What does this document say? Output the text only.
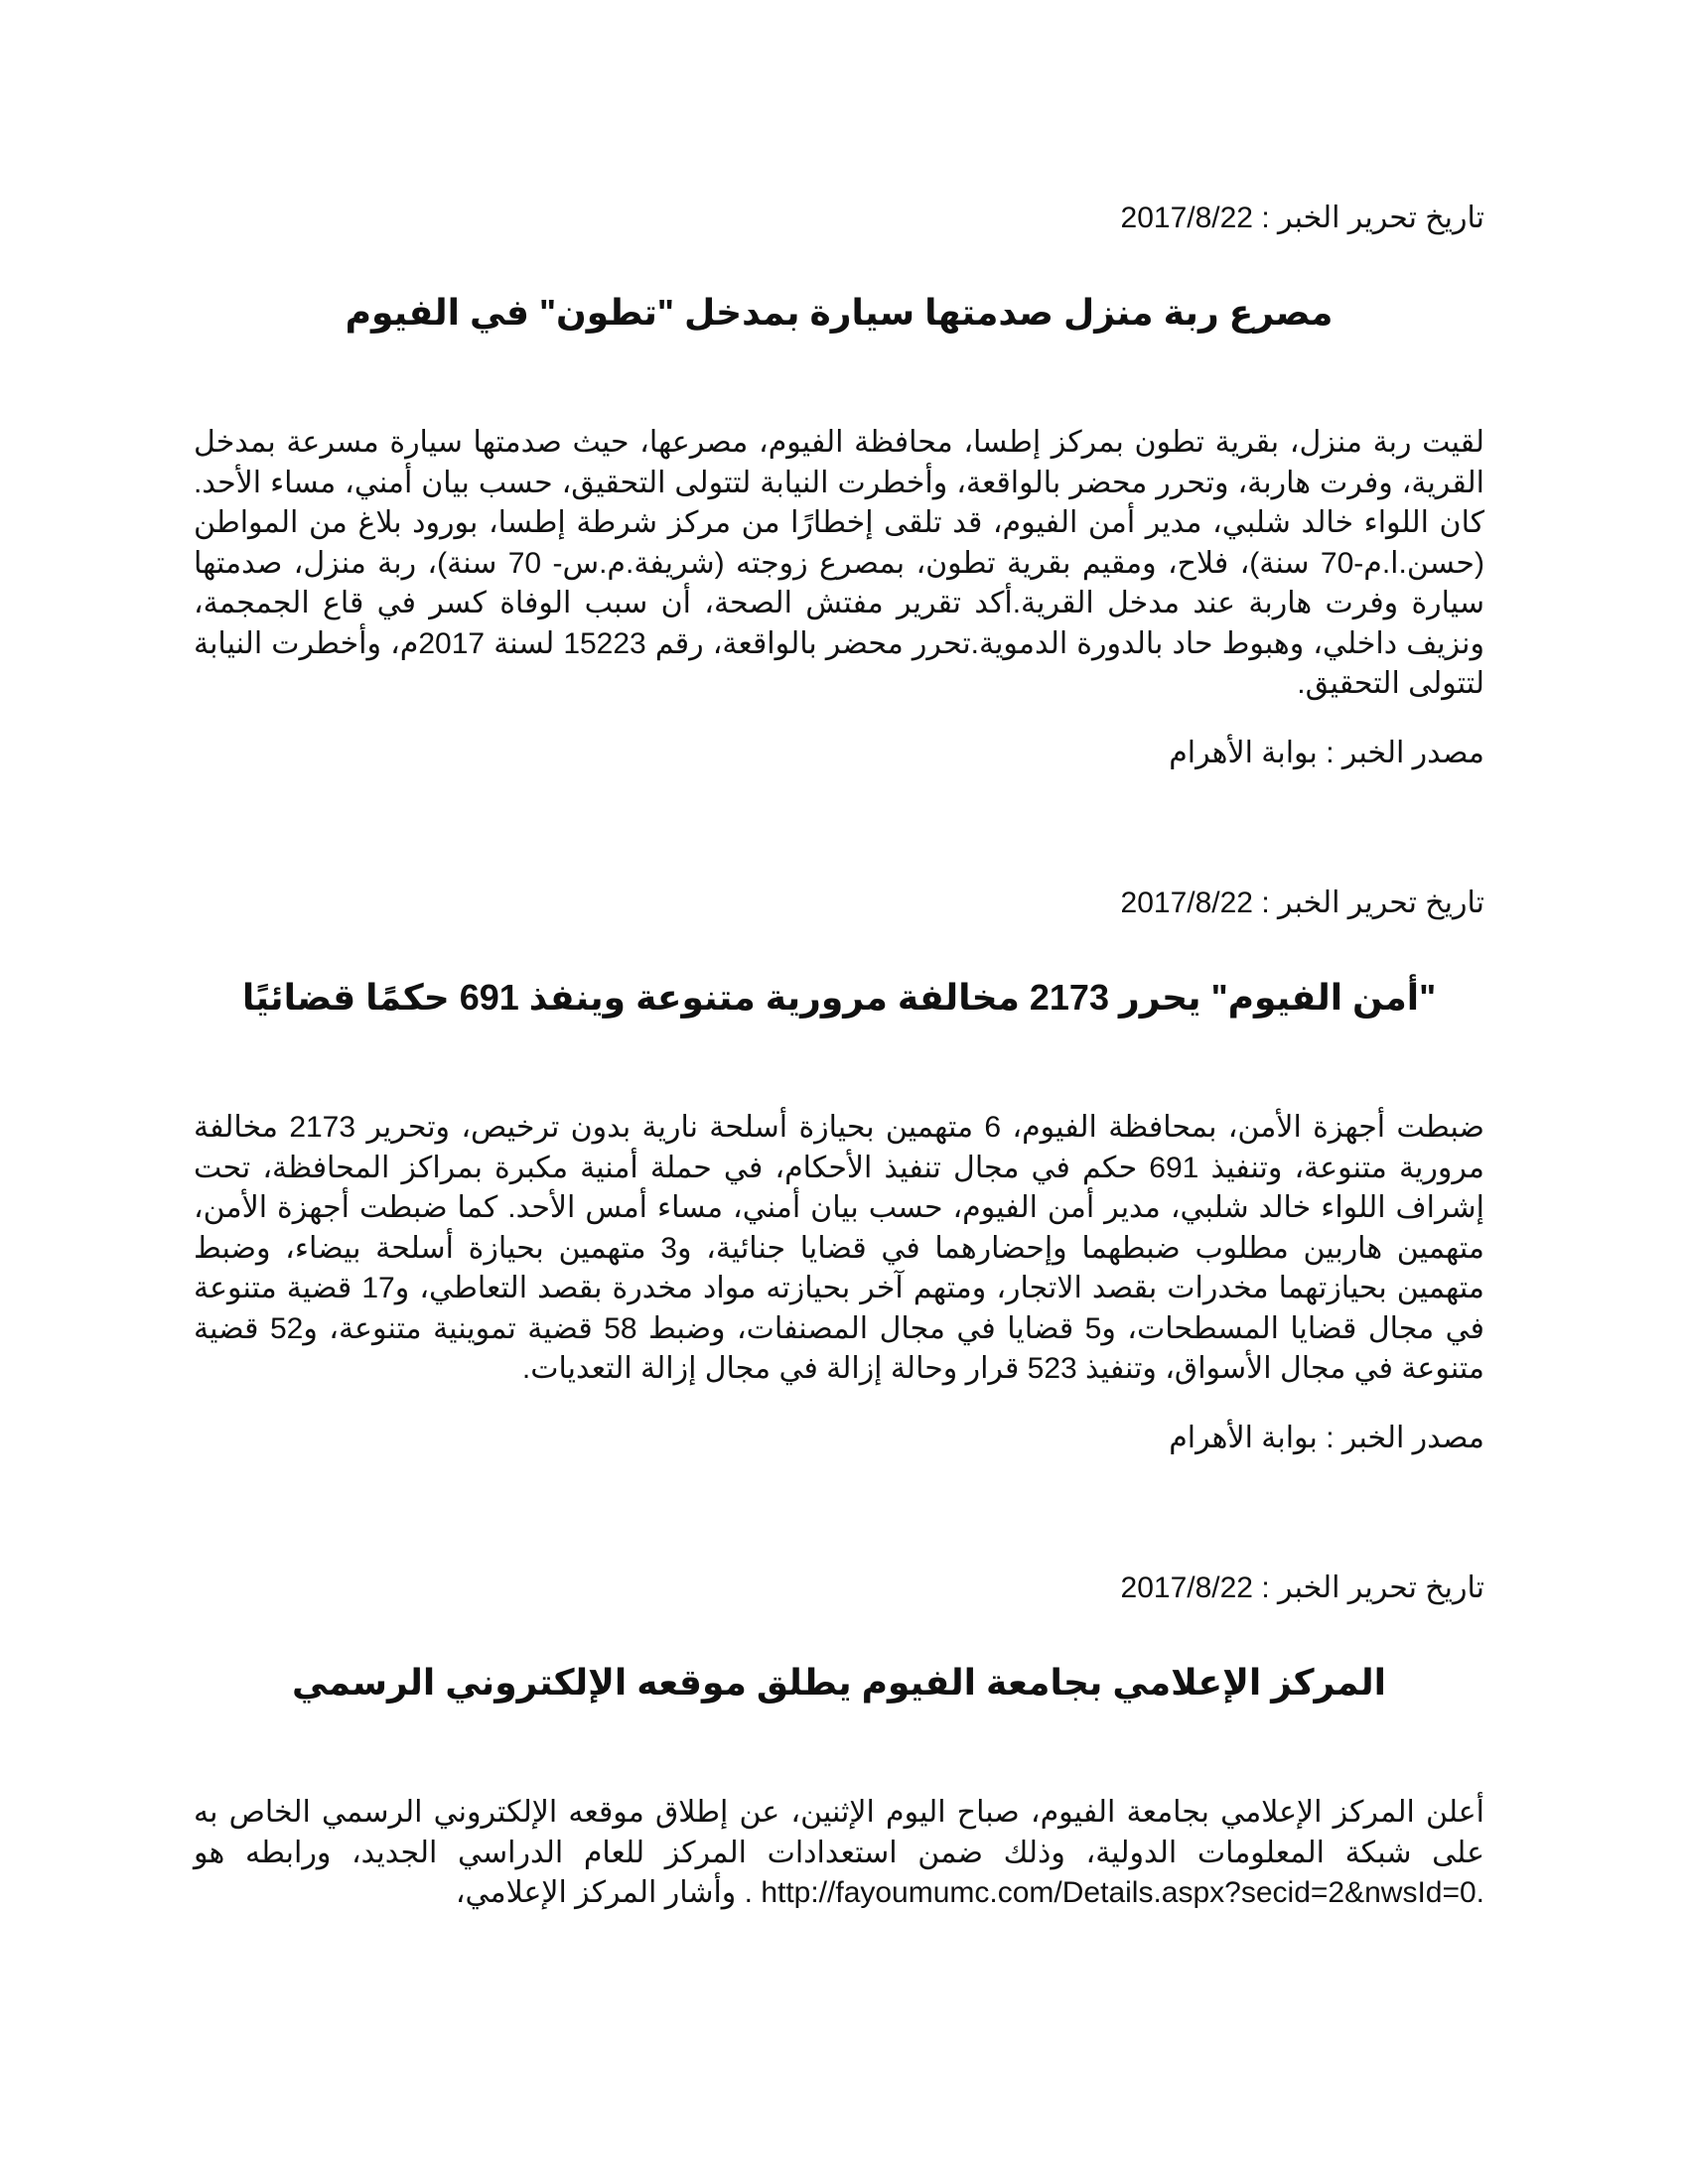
تاريخ تحرير الخبر : 2017/8/22

مصرع ربة منزل صدمتها سيارة بمدخل "تطون" في الفيوم

لقيت ربة منزل، بقرية تطون بمركز إطسا، محافظة الفيوم، مصرعها، حيث صدمتها سيارة مسرعة بمدخل القرية، وفرت هاربة، وتحرر محضر بالواقعة، وأخطرت النيابة لتتولى التحقيق، حسب بيان أمني، مساء الأحد. كان اللواء خالد شلبي، مدير أمن الفيوم، قد تلقى إخطارًا من مركز شرطة إطسا، بورود بلاغ من المواطن (حسن.ا.م-70 سنة)، فلاح، ومقيم بقرية تطون، بمصرع زوجته (شريفة.م.س- 70 سنة)، ربة منزل، صدمتها سيارة وفرت هاربة عند مدخل القرية.أكد تقرير مفتش الصحة، أن سبب الوفاة كسر في قاع الجمجمة، ونزيف داخلي، وهبوط حاد بالدورة الدموية.تحرر محضر بالواقعة، رقم 15223 لسنة 2017م، وأخطرت النيابة لتتولى التحقيق.

مصدر الخبر : بوابة الأهرام

تاريخ تحرير الخبر : 2017/8/22

"أمن الفيوم" يحرر 2173 مخالفة مرورية متنوعة وينفذ 691 حكمًا قضائيًا

ضبطت أجهزة الأمن، بمحافظة الفيوم، 6 متهمين بحيازة أسلحة نارية بدون ترخيص، وتحرير 2173 مخالفة مرورية متنوعة، وتنفيذ 691 حكم في مجال تنفيذ الأحكام، في حملة أمنية مكبرة بمراكز المحافظة، تحت إشراف اللواء خالد شلبي، مدير أمن الفيوم، حسب بيان أمني، مساء أمس الأحد. كما ضبطت أجهزة الأمن، متهمين هاربين مطلوب ضبطهما وإحضارهما في قضايا جنائية، و3 متهمين بحيازة أسلحة بيضاء، وضبط متهمين بحيازتهما مخدرات بقصد الاتجار، ومتهم آخر بحيازته مواد مخدرة بقصد التعاطي، و17 قضية متنوعة في مجال قضايا المسطحات، و5 قضايا في مجال المصنفات، وضبط 58 قضية تموينية متنوعة، و52 قضية متنوعة في مجال الأسواق، وتنفيذ 523 قرار وحالة إزالة في مجال إزالة التعديات.

مصدر الخبر : بوابة الأهرام

تاريخ تحرير الخبر : 2017/8/22

المركز الإعلامي بجامعة الفيوم يطلق موقعه الإلكتروني الرسمي

أعلن المركز الإعلامي بجامعة الفيوم، صباح اليوم الإثنين، عن إطلاق موقعه الإلكتروني الرسمي الخاص به على شبكة المعلومات الدولية، وذلك ضمن استعدادات المركز للعام الدراسي الجديد، ورابطه هو http://fayoumumc.com/Details.aspx?secid=2&nwsId=0. . وأشار المركز الإعلامي،
